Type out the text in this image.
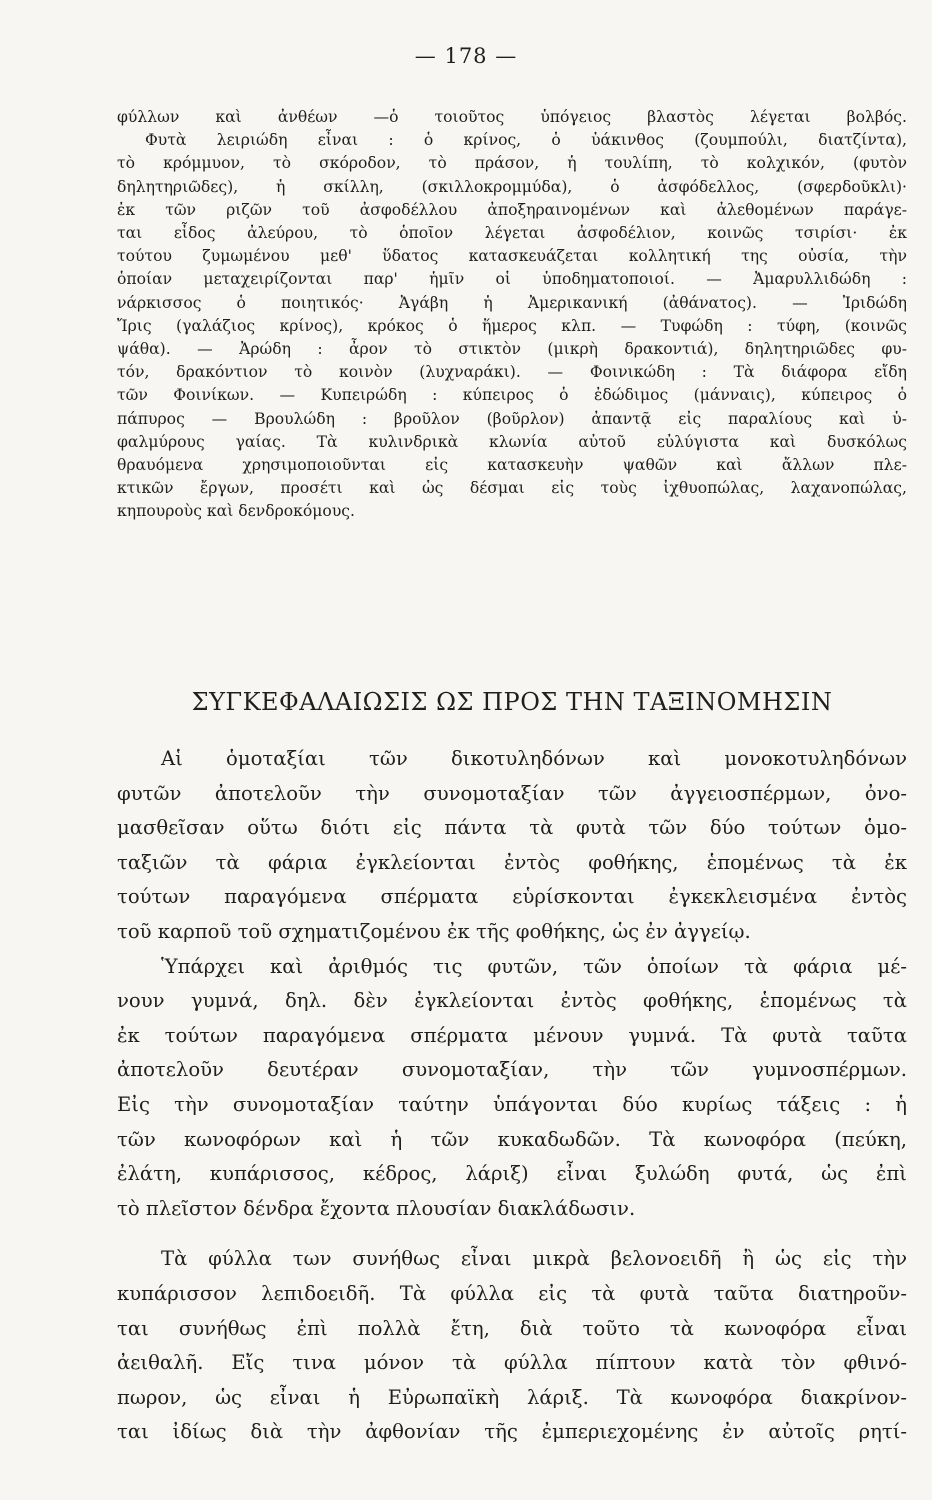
— 178 —
φύλλων καὶ ἀνθέων —ὁ τοιοῦτος ὑπόγειος βλαστὸς λέγεται βολβός.
Φυτὰ λειριώδη εἶναι : ὁ κρίνος, ὁ ὑάκινθος (ζουμπούλι, διατζίντα),
τὸ κρόμμυον, τὸ σκόροδον, τὸ πράσον, ἡ τουλίπη, τὸ κολχικόν, (φυτὸν
δηλητηριῶδες), ἡ σκίλλη, (σκιλλοκρομμύδα), ὁ ἀσφόδελλος, (σφερδοῦκλι)·
ἐκ τῶν ριζῶν τοῦ ἀσφοδέλλου ἀποξηραινομένων καὶ ἀλεθομένων παράγε-
ται εἶδος ἀλεύρου, τὸ ὁποῖον λέγεται ἀσφοδέλιον, κοινῶς τσιρίσι· ἐκ
τούτου ζυμωμένου μεθ' ὕδατος κατασκευάζεται κολλητική της οὐσία, τὴν
ὁποίαν μεταχειρίζονται παρ' ἡμῖν οἱ ὑποδηματοποιοί. — Ἀμαρυλλιδώδη :
νάρκισσος ὁ ποιητικός· Ἀγάβη ἡ Ἀμερικανική (ἀθάνατος). — Ἰριδώδη
Ἴρις (γαλάζιος κρίνος), κρόκος ὁ ἥμερος κλπ. — Τυφώδη : τύφη, (κοινῶς
ψάθα). — Ἀρώδη : ἆρον τὸ στικτὸν (μικρὴ δρακοντιά), δηλητηριῶδες φυ-
τόν, δρακόντιον τὸ κοινὸν (λυχναράκι). — Φοινικώδη : Τὰ διάφορα εἴδη
τῶν Φοινίκων. — Κυπειρώδη : κύπειρος ὁ ἐδώδιμος (μάνναις), κύπειρος ὁ
πάπυρος — Βρουλώδη : βροῦλον (βοῦρλον) ἀπαντᾷ εἰς παραλίους καὶ ὑ-
φαλμύρους γαίας. Τὰ κυλινδρικὰ κλωνία αὐτοῦ εὐλύγιστα καὶ δυσκόλως
θραυόμενα χρησιμοποιοῦνται εἰς κατασκευὴν ψαθῶν καὶ ἄλλων πλε-
κτικῶν ἔργων, προσέτι καὶ ὡς δέσμαι εἰς τοὺς ἰχθυοπώλας, λαχανοπώλας,
κηπουροὺς καὶ δενδροκόμους.
ΣΥΓΚΕΦΑΛΑΙΩΣΙΣ ΩΣ ΠΡΟΣ ΤΗΝ ΤΑΞΙΝΟΜΗΣΙΝ
Αἱ ὁμοταξίαι τῶν δικοτυληδόνων καὶ μονοκοτυληδόνων
φυτῶν ἀποτελοῦν τὴν συνομοταξίαν τῶν ἀγγειοσπέρμων, ὀνο-
μασθεῖσαν οὕτω διότι εἰς πάντα τὰ φυτὰ τῶν δύο τούτων ὁμο-
ταξιῶν τὰ φάρια ἐγκλείονται ἐντὸς φοθήκης, ἑπομένως τὰ ἐκ
τούτων παραγόμενα σπέρματα εὑρίσκονται ἐγκεκλεισμένα ἐντὸς
τοῦ καρποῦ τοῦ σχηματιζομένου ἐκ τῆς φοθήκης, ὡς ἐν ἀγγείῳ.
Ὑπάρχει καὶ ἀριθμός τις φυτῶν, τῶν ὁποίων τὰ φάρια μέ-
νουν γυμνά, δηλ. δὲν ἐγκλείονται ἐντὸς φοθήκης, ἑπομένως τὰ
ἐκ τούτων παραγόμενα σπέρματα μένουν γυμνά. Τὰ φυτὰ ταῦτα
ἀποτελοῦν δευτέραν συνομοταξίαν, τὴν τῶν γυμνοσπέρμων.
Εἰς τὴν συνομοταξίαν ταύτην ὑπάγονται δύο κυρίως τάξεις : ἡ
τῶν κωνοφόρων καὶ ἡ τῶν κυκαδωδῶν. Τὰ κωνοφόρα (πεύκη,
ἐλάτη, κυπάρισσος, κέδρος, λάριξ) εἶναι ξυλώδη φυτά, ὡς ἐπὶ
τὸ πλεῖστον δένδρα ἔχοντα πλουσίαν διακλάδωσιν.
Τὰ φύλλα των συνήθως εἶναι μικρὰ βελονοειδῆ ἢ ὡς εἰς τὴν
κυπάρισσον λεπιδοειδῆ. Τὰ φύλλα εἰς τὰ φυτὰ ταῦτα διατηροῦν-
ται συνήθως ἐπὶ πολλὰ ἔτη, διὰ τοῦτο τὰ κωνοφόρα εἶναι
ἀειθαλῆ. Εἴς τινα μόνον τὰ φύλλα πίπτουν κατὰ τὸν φθινό-
πωρον, ὡς εἶναι ἡ Εὐρωπαϊκὴ λάριξ. Τὰ κωνοφόρα διακρίνον-
ται ἰδίως διὰ τὴν ἀφθονίαν τῆς ἐμπεριεχομένης ἐν αὐτοῖς ρητί-
